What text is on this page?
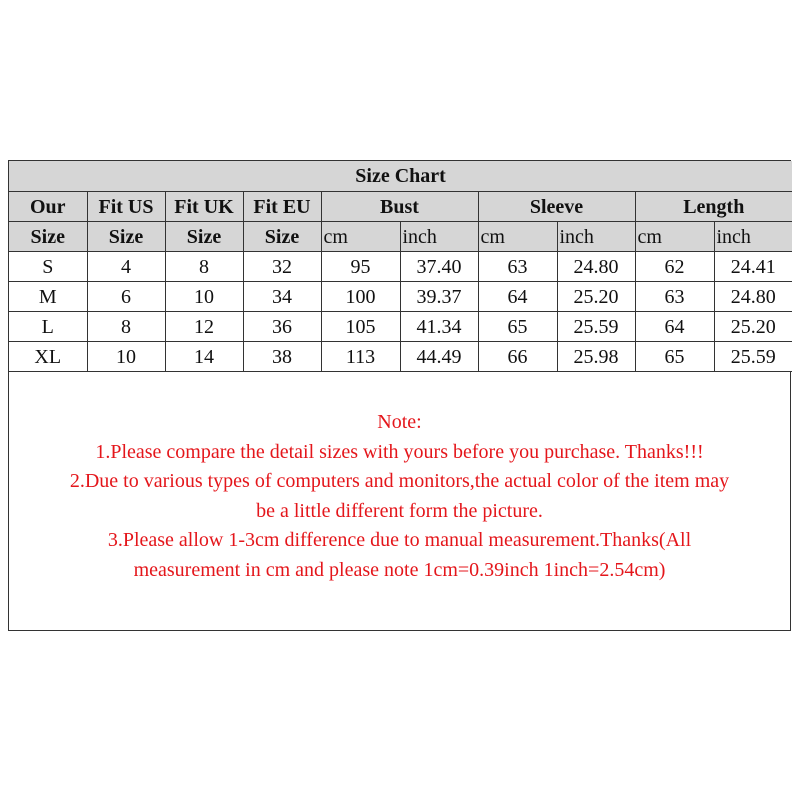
Size Chart									
Our	Fit US	Fit UK	Fit EU	Bust		Sleeve		Length	
Size	Size	Size	Size	cm	inch	cm	inch	cm	inch
S	4	8	32	95	37.40	63	24.80	62	24.41
M	6	10	34	100	39.37	64	25.20	63	24.80
L	8	12	36	105	41.34	65	25.59	64	25.20
XL	10	14	38	113	44.49	66	25.98	65	25.59
Note:
1.Please compare the detail sizes with yours before you purchase. Thanks!!!
2.Due to various types of computers and monitors,the actual color of the item may
be a little different form the picture.
3.Please allow 1-3cm difference due to manual measurement.Thanks(All
measurement in cm and please note 1cm=0.39inch 1inch=2.54cm)
